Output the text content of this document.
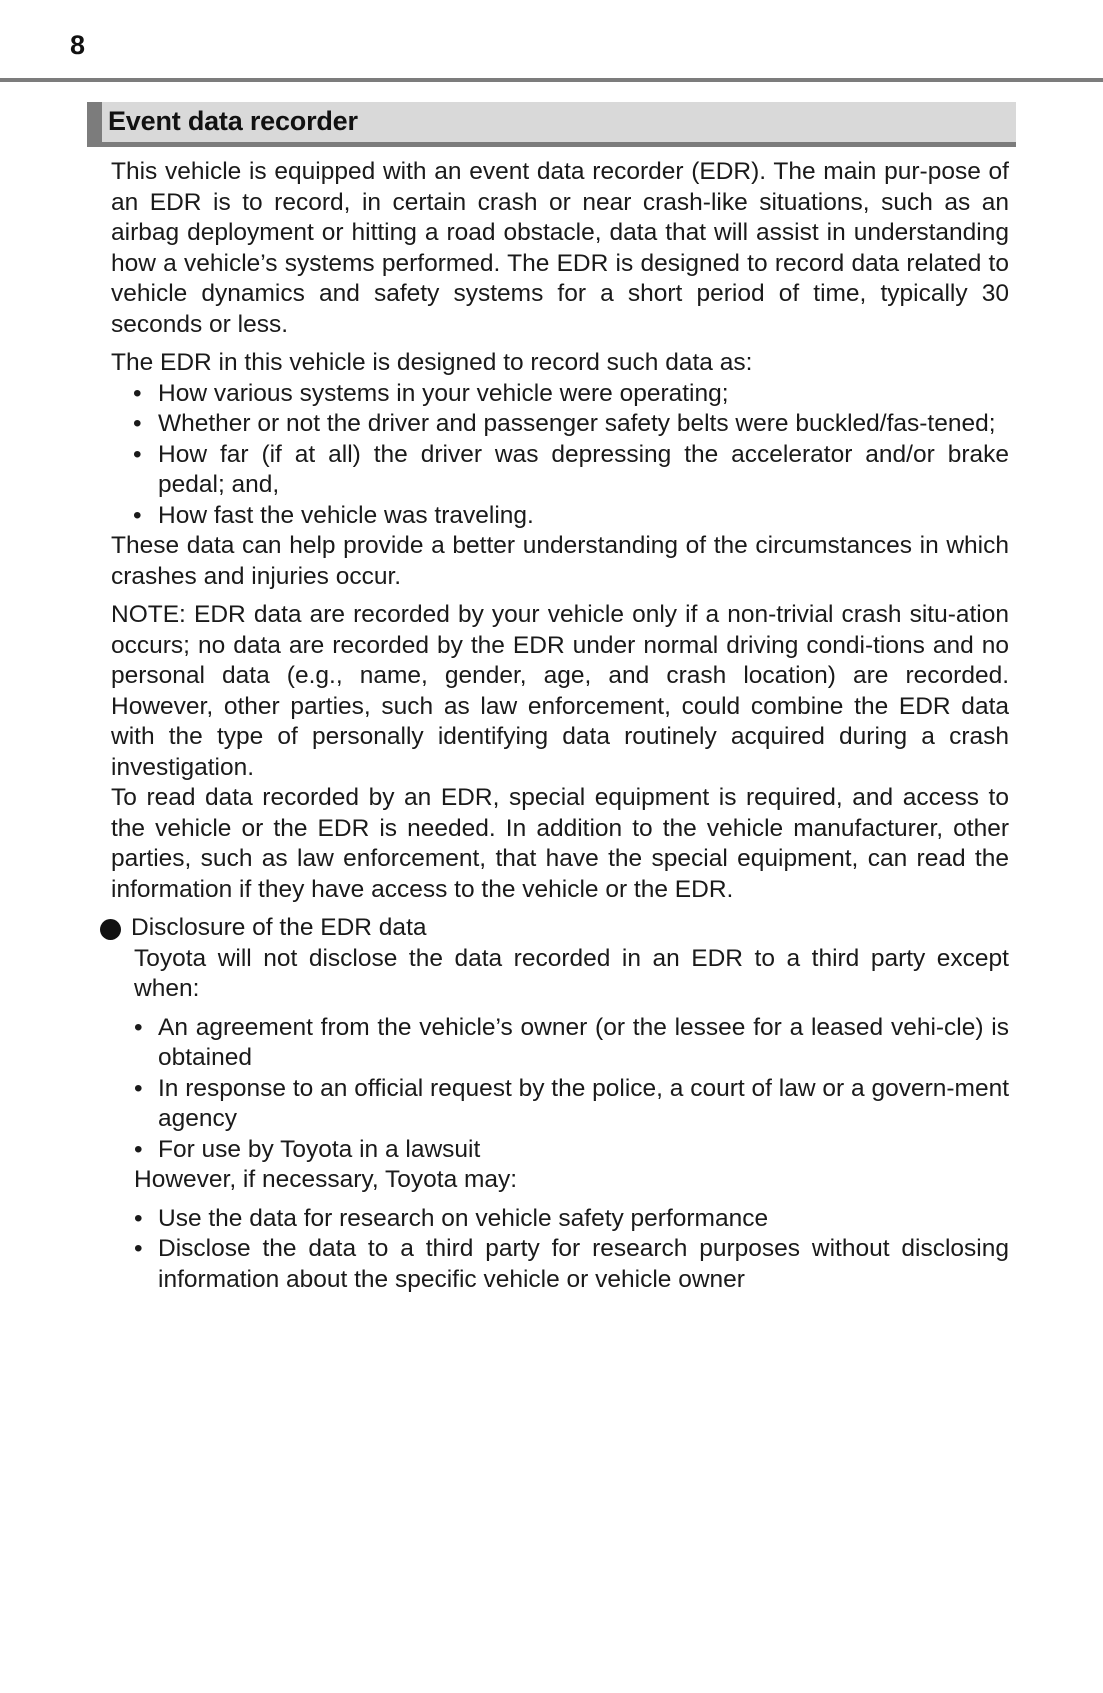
8
Event data recorder

This vehicle is equipped with an event data recorder (EDR). The main pur-pose of an EDR is to record, in certain crash or near crash-like situations, such as an airbag deployment or hitting a road obstacle, data that will assist in understanding how a vehicle’s systems performed. The EDR is designed to record data related to vehicle dynamics and safety systems for a short period of time, typically 30 seconds or less.

The EDR in this vehicle is designed to record such data as:

• How various systems in your vehicle were operating;
• Whether or not the driver and passenger safety belts were buckled/fas-tened;
• How far (if at all) the driver was depressing the accelerator and/or brake pedal; and,
• How fast the vehicle was traveling.

These data can help provide a better understanding of the circumstances in which crashes and injuries occur.

NOTE: EDR data are recorded by your vehicle only if a non-trivial crash situ-ation occurs; no data are recorded by the EDR under normal driving condi-tions and no personal data (e.g., name, gender, age, and crash location) are recorded. However, other parties, such as law enforcement, could combine the EDR data with the type of personally identifying data routinely acquired during a crash investigation.

To read data recorded by an EDR, special equipment is required, and access to the vehicle or the EDR is needed. In addition to the vehicle manufacturer, other parties, such as law enforcement, that have the special equipment, can read the information if they have access to the vehicle or the EDR.

Disclosure of the EDR data

Toyota will not disclose the data recorded in an EDR to a third party except when:

• An agreement from the vehicle’s owner (or the lessee for a leased vehi-cle) is obtained
• In response to an official request by the police, a court of law or a govern-ment agency
• For use by Toyota in a lawsuit

However, if necessary, Toyota may:

• Use the data for research on vehicle safety performance
• Disclose the data to a third party for research purposes without disclosing information about the specific vehicle or vehicle owner
